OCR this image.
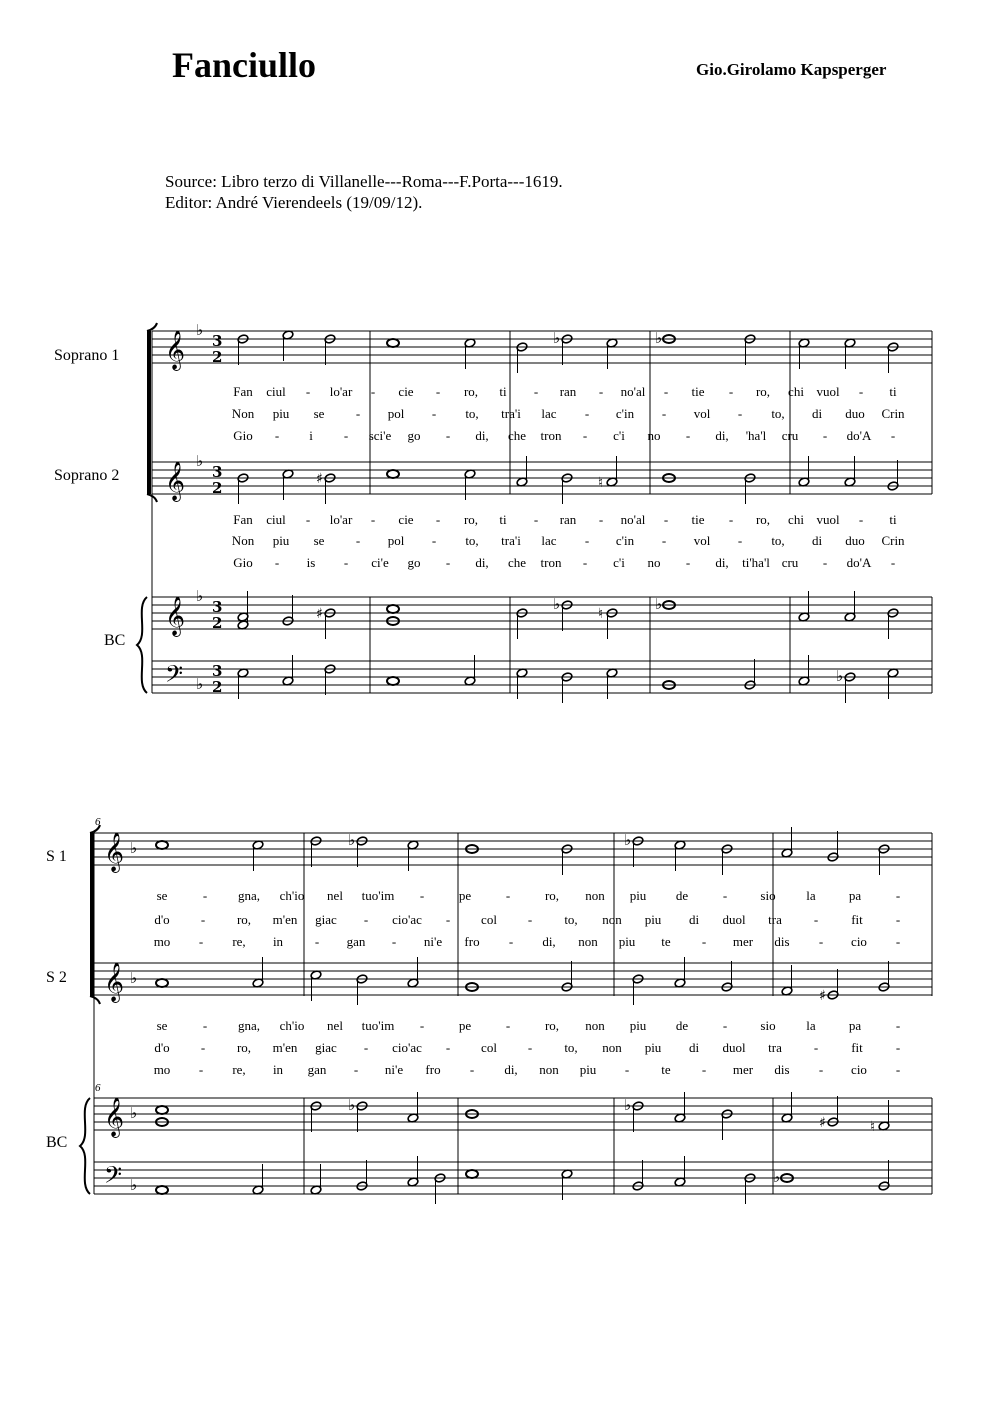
Fanciullo	Gio.Girolamo Kapsperger
Source: Libro terzo di Villanelle---Roma---F.Porta---1619.
Editor: André Vierendeels (19/09/12).
Soprano 1
Soprano 2
BC
S 1
S 2
BC
6
6
𝄞 ♭
3
2
𝄞 ♭
3
2
𝄞 ♭
3
2
𝄢 ♭
3
2
♭	♭
♯	♮
♯
♭
♮
♭
♭
𝄞 ♭
𝄞 ♭
𝄞 ♭
𝄢 ♭
♭	♭
♯
♭	♭
♯	♮
♭
Fan ciul - lo'ar - cie - ro, ti - ran - no'al - tie - ro, chi vuol - ti
Non piu se - pol - to, tra'i lac - c'in - vol - to, di duo Crin
Gio - i - sci'e go - di, che tron - c'i no - di, 'ha'l cru - do'A -
Fan ciul - lo'ar - cie - ro, ti - ran - no'al - tie - ro, chi vuol - ti
Non piu se - pol - to, tra'i lac - c'in - vol - to, di duo Crin
Gio - is - ci'e go - di, che tron - c'i no - di, ti'ha'l cru - do'A -
se	- gna, ch'io nel tuo'im -	pe	-	ro, non piu de	-	sio la	pa	-
d'o - ro, m'en giac - cio'ac - col - to, non piu di duol tra -	fit	-
mo - re, in - gan - ni'e fro - di, non piu te - mer dis - cio -
se	- gna, ch'io nel tuo'im -	pe	-	ro, non piu de	-	sio la	pa	-
d'o - ro, m'en giac - cio'ac - col - to, non piu di duol tra -	fit	-
mo - re, in gan - ni'e fro - di, non piu - te - mer dis - cio -
